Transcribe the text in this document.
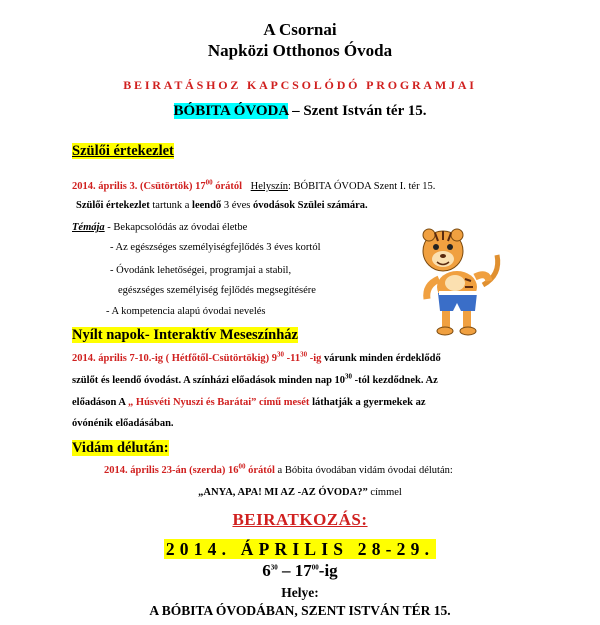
A Csornai
Napközi Otthonos Óvoda
BEIRATÁSHOZ KAPCSOLÓDÓ PROGRAMJAI
BÓBITA ÓVODA – Szent István tér 15.
Szülői értekezlet
2014. április 3. (Csütörtök) $17^{00}$ órától Helyszín: BÓBITA ÓVODA Szent I. tér 15.
Szülői értekezlet tartunk a leendő 3 éves óvodások Szülei számára.
Témája - Bekapcsolódás az óvodai életbe
- Az egészséges személyiségfejlődés 3 éves kortól
- Óvodánk lehetőségei, programjai a stabil,
egészséges személyiség fejlődés megsegítésére
- A kompetencia alapú óvodai nevelés
Nyílt napok- Interaktív Meseszínház
2014. április 7-10.-ig ( Hétfőtől-Csütörtökig) $9^{30}$ $-11^{30}$ -ig várunk minden érdeklődő
szülőt és leendő óvodást. A színházi előadások minden nap $10^{30}$ -tól kezdődnek. Az
előadáson A „ Húsvéti Nyuszi és Barátai” című mesét láthatják a gyermekek az
óvónénik előadásában.
Vidám délután:
2014. április 23-án (szerda) $16^{00}$ órától a Bóbita óvodában vidám óvodai délután:
„ANYA, APA! MI AZ -AZ ÓVODA?” címmel
BEIRATKOZÁS:
2014. ÁPRILIS 28-29.
$6^{30} - 17^{00}-ig$
Helye:
A BÓBITA ÓVODÁBAN, SZENT ISTVÁN TÉR 15.
